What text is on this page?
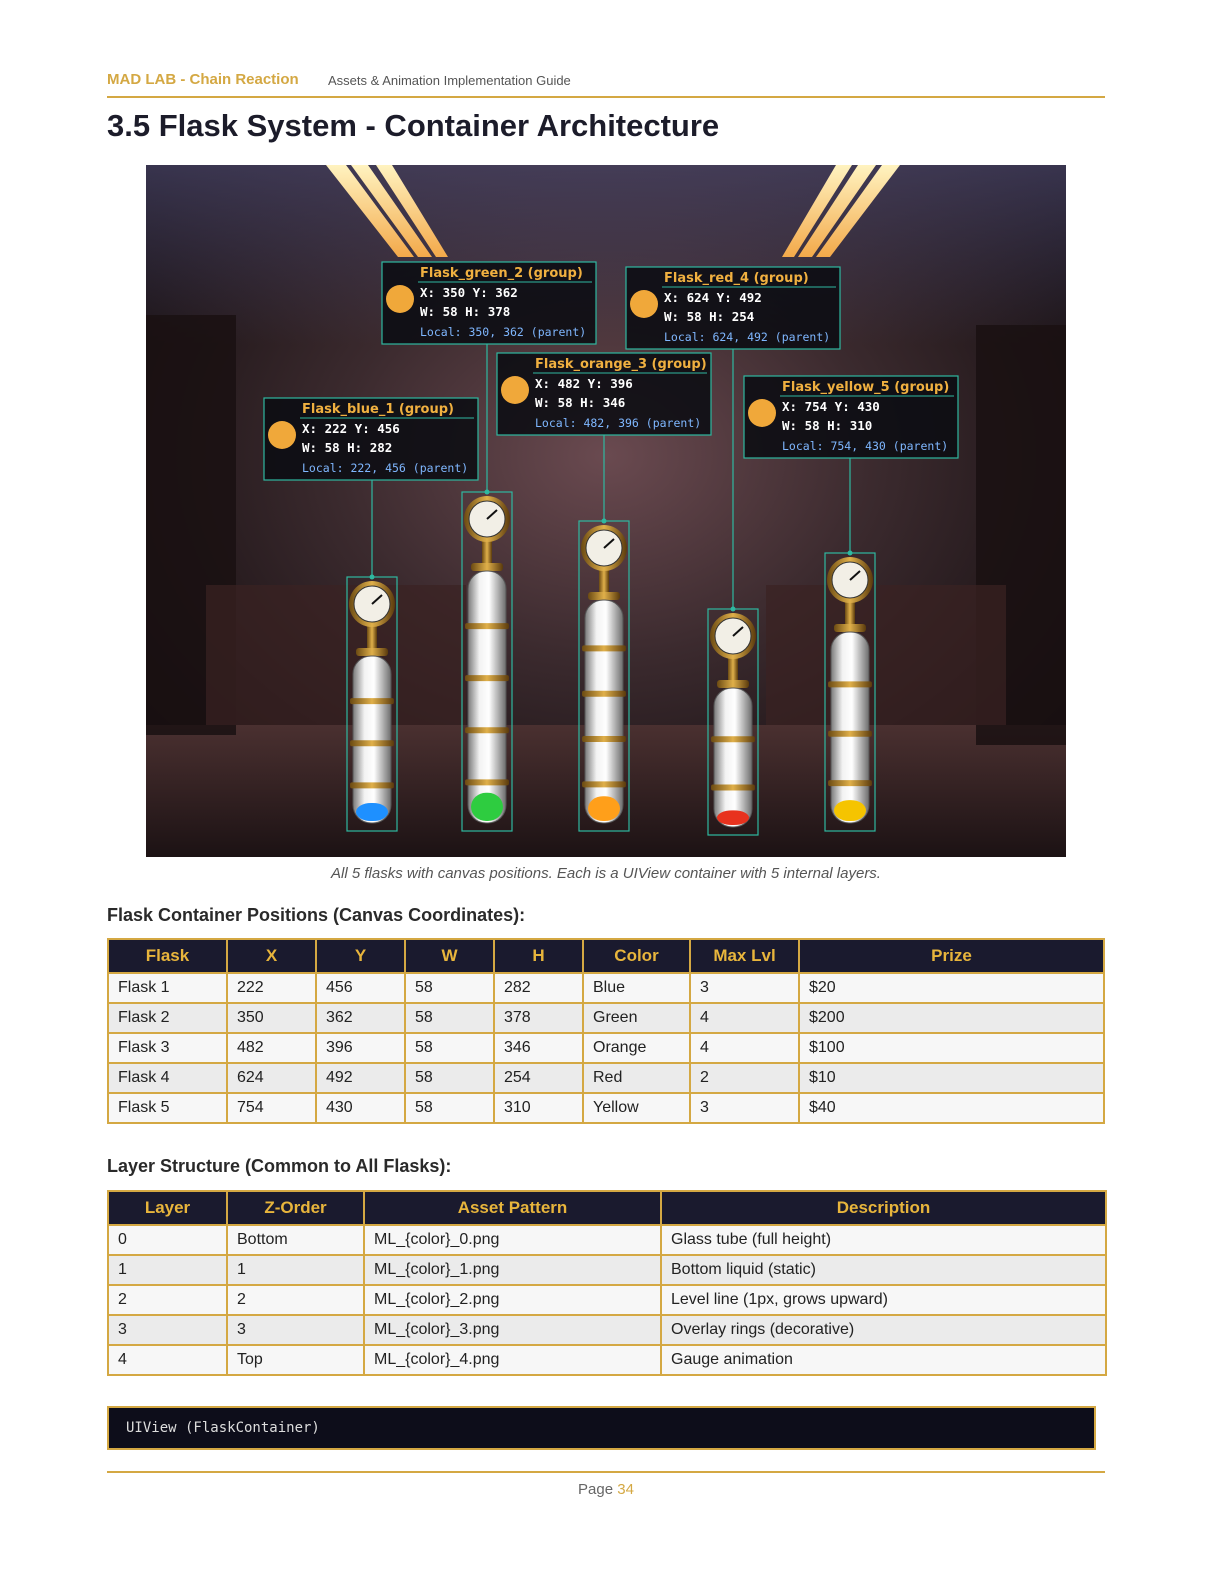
MAD LAB - Chain Reaction Assets & Animation Implementation Guide
3.5 Flask System - Container Architecture
Flask_blue_1 (group)
X: 222 Y: 456
W: 58 H: 282
Local: 222, 456 (parent)
Flask_green_2 (group)
X: 350 Y: 362
W: 58 H: 378
Local: 350, 362 (parent)
Flask_orange_3 (group)
X: 482 Y: 396
W: 58 H: 346
Local: 482, 396 (parent)
Flask_red_4 (group)
X: 624 Y: 492
W: 58 H: 254
Local: 624, 492 (parent)
Flask_yellow_5 (group)
X: 754 Y: 430
W: 58 H: 310
Local: 754, 430 (parent)
All 5 flasks with canvas positions. Each is a UIView container with 5 internal layers.
Flask Container Positions (Canvas Coordinates):
Flask	X	Y	W	H	Color	Max Lvl	Prize
Flask 1	222	456	58	282	Blue	3	$20
Flask 2	350	362	58	378	Green	4	$200
Flask 3	482	396	58	346	Orange	4	$100
Flask 4	624	492	58	254	Red	2	$10
Flask 5	754	430	58	310	Yellow	3	$40
Layer Structure (Common to All Flasks):
Layer	Z-Order	Asset Pattern	Description
0	Bottom	ML_{color}_0.png	Glass tube (full height)
1	1	ML_{color}_1.png	Bottom liquid (static)
2	2	ML_{color}_2.png	Level line (1px, grows upward)
3	3	ML_{color}_3.png	Overlay rings (decorative)
4	Top	ML_{color}_4.png	Gauge animation
UIView (FlaskContainer)
Page 34
